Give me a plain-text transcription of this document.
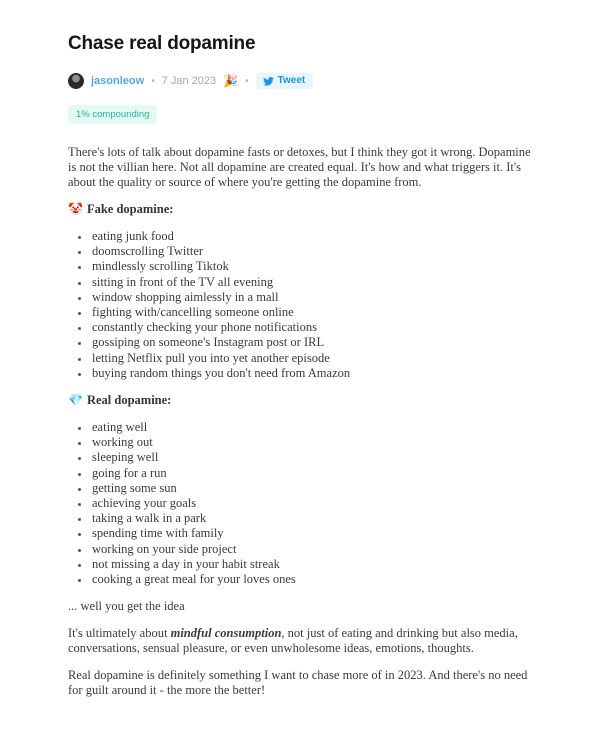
Chase real dopamine
jasonleow • 7 Jan 2023 🎉 •	Tweet
1% compounding

There's lots of talk about dopamine fasts or detoxes, but I think they got it wrong. Dopamine is not the villian here. Not all dopamine are created equal. It's how and what triggers it. It's about the quality or source of where you're getting the dopamine from.

🤡 Fake dopamine:

• eating junk food
• doomscrolling Twitter
• mindlessly scrolling Tiktok
• sitting in front of the TV all evening
• window shopping aimlessly in a mall
• fighting with/cancelling someone online
• constantly checking your phone notifications
• gossiping on someone's Instagram post or IRL
• letting Netflix pull you into yet another episode
• buying random things you don't need from Amazon

💎 Real dopamine:

• eating well
• working out
• sleeping well
• going for a run
• getting some sun
• achieving your goals
• taking a walk in a park
• spending time with family
• working on your side project
• not missing a day in your habit streak
• cooking a great meal for your loves ones

... well you get the idea

It's ultimately about mindful consumption, not just of eating and drinking but also media, conversations, sensual pleasure, or even unwholesome ideas, emotions, thoughts.

Real dopamine is definitely something I want to chase more of in 2023. And there's no need for guilt around it - the more the better!
